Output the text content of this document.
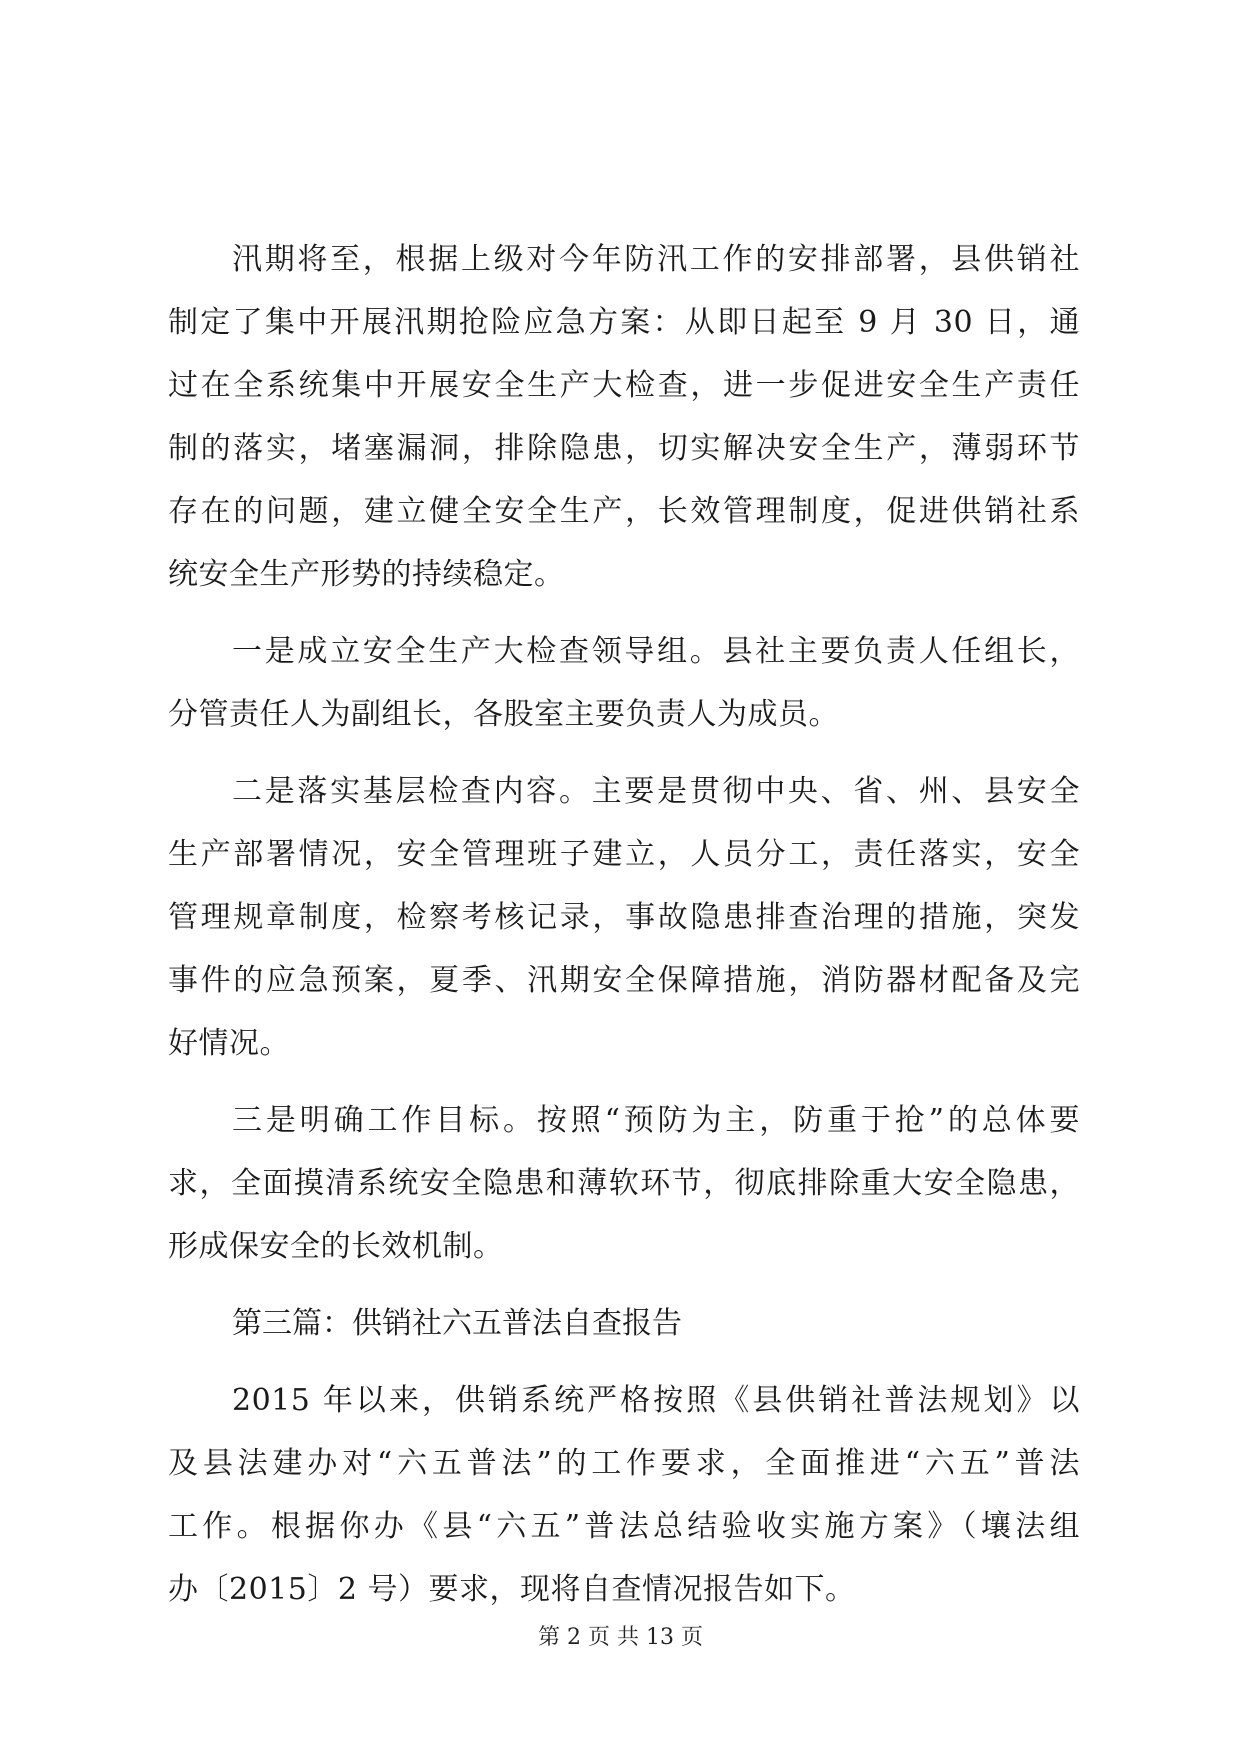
汛期将至，根据上级对今年防汛工作的安排部署，县供销社
制定了集中开展汛期抢险应急方案：从即日起至 9 月 30 日，通
过在全系统集中开展安全生产大检查，进一步促进安全生产责任
制的落实，堵塞漏洞，排除隐患，切实解决安全生产，薄弱环节
存在的问题，建立健全安全生产，长效管理制度，促进供销社系
统安全生产形势的持续稳定。
一是成立安全生产大检查领导组。县社主要负责人任组长，
分管责任人为副组长，各股室主要负责人为成员。
二是落实基层检查内容。主要是贯彻中央、省、州、县安全
生产部署情况，安全管理班子建立，人员分工，责任落实，安全
管理规章制度，检察考核记录，事故隐患排查治理的措施，突发
事件的应急预案，夏季、汛期安全保障措施，消防器材配备及完
好情况。
三是明确工作目标。按照“预防为主，防重于抢”的总体要
求，全面摸清系统安全隐患和薄软环节，彻底排除重大安全隐患，
形成保安全的长效机制。
第三篇：供销社六五普法自查报告
2015 年以来，供销系统严格按照《县供销社普法规划》以
及县法建办对“六五普法”的工作要求，全面推进“六五”普法
工作。根据你办《县“六五”普法总结验收实施方案》（壤法组
办〔2015〕2 号）要求，现将自查情况报告如下。
第 2 页 共 13 页
